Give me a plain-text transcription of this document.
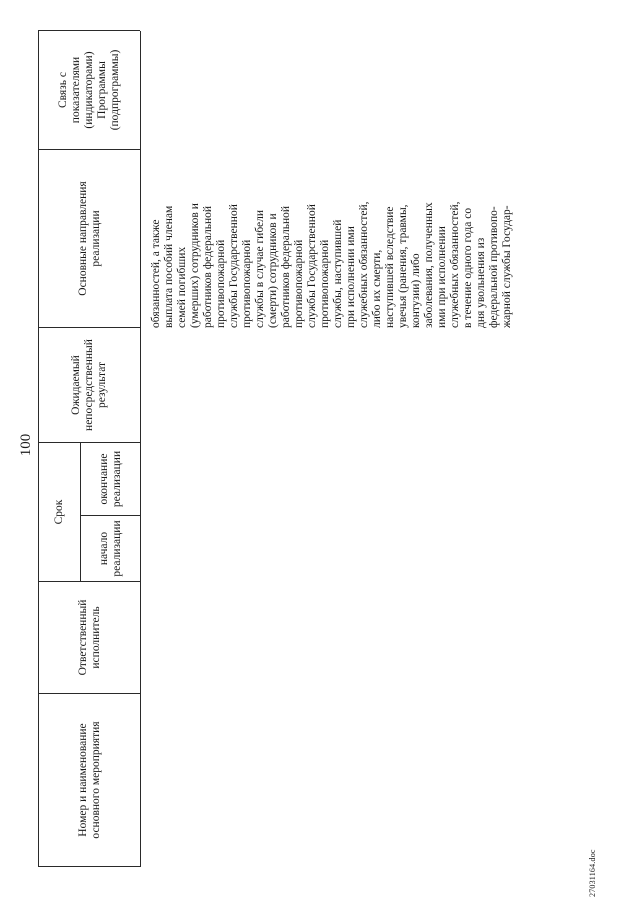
100
Номер и наименование
основного мероприятия
Ответственный
исполнитель
Срок
начало
реализации
окончание
реализации
Ожидаемый
непосредственный
результат
Основные направления
реализации
Связь с
показателями
(индикаторами)
Программы
(подпрограммы)
обязанностей, а также
выплата пособий членам
семей погибших
(умерших) сотрудников и
работников федеральной
противопожарной
службы Государственной
противопожарной
службы в случае гибели
(смерти) сотрудников и
работников федеральной
противопожарной
службы Государственной
противопожарной
службы, наступившей
при исполнении ими
служебных обязанностей,
либо их смерти,
наступившей вследствие
увечья (ранения, травмы,
контузии) либо
заболевания, полученных
ими при исполнении
служебных обязанностей,
в течение одного года со
дня увольнения из
федеральной противопо-
жарной службы Государ-
27031164.doc
